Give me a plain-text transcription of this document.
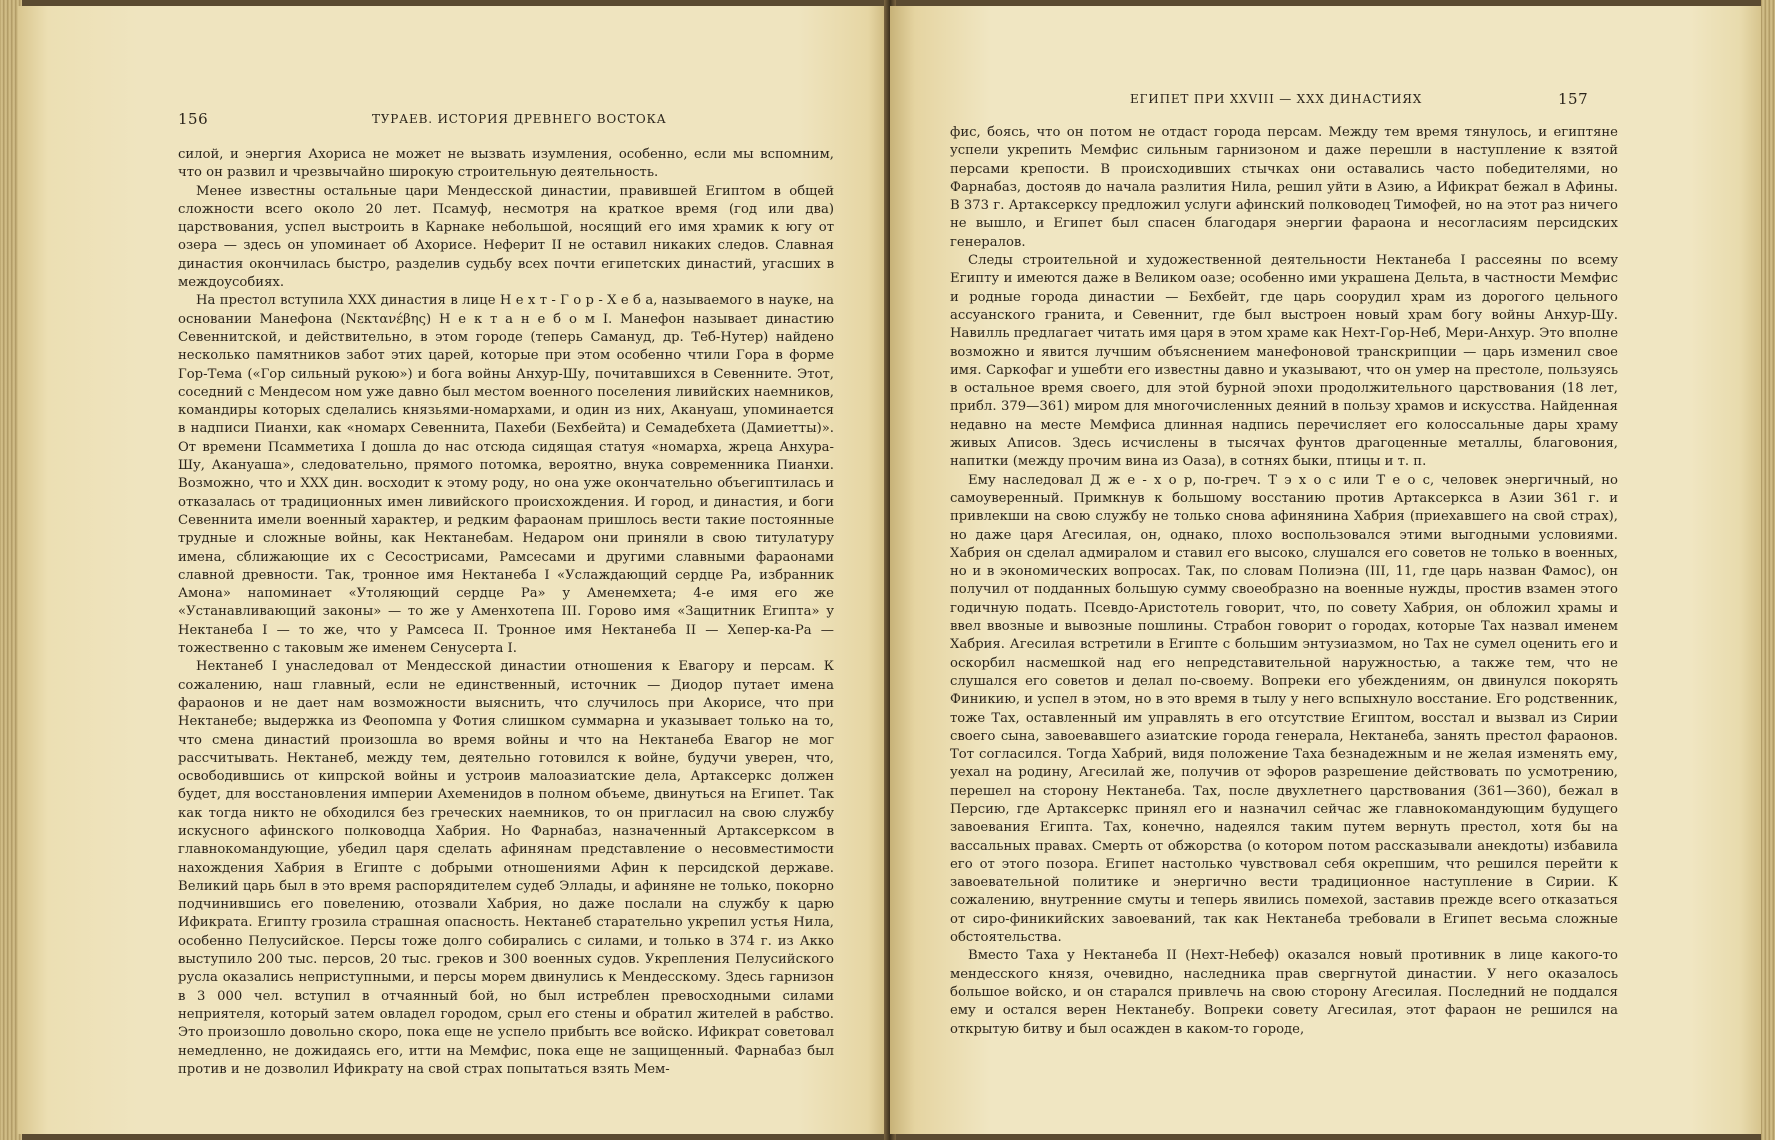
156	ТУРАЕВ. ИСТОРИЯ ДРЕВНЕГО ВОСТОКА

силой, и энергия Ахориса не может не вызвать изумления, особенно, если мы вспомним, что он развил и чрезвычайно широкую строительную деятельность.

Менее известны остальные цари Мендесской династии, правившей Египтом в общей сложности всего около 20 лет. Псамуф, несмотря на краткое время (год или два) царствования, успел выстроить в Карнаке небольшой, носящий его имя храмик к югу от озера — здесь он упоминает об Ахорисе. Неферит II не оставил никаких следов. Славная династия окончилась быстро, разделив судьбу всех почти египетских династий, угасших в междоусобиях.

На престол вступила XXX династия в лице Н е х т - Г о р - Х е б а, называемого в науке, на основании Манефона (Νεκτανέβης) Н е к т а н е б о м I. Манефон называет династию Севеннитской, и действительно, в этом городе (теперь Самануд, др. Теб-Нутер) найдено несколько памятников забот этих царей, которые при этом особенно чтили Гора в форме Гор-Тема («Гор сильный рукою») и бога войны Анхур-Шу, почитавшихся в Севенните. Этот, соседний с Мендесом ном уже давно был местом военного поселения ливийских наемников, командиры которых сделались князьями-номархами, и один из них, Акануаш, упоминается в надписи Пианхи, как «номарх Севеннита, Пахеби (Бехбейта) и Семадебхета (Дамиетты)». От времени Псамметиха I дошла до нас отсюда сидящая статуя «номарха, жреца Анхура-Шу, Акануаша», следовательно, прямого потомка, вероятно, внука современника Пианхи. Возможно, что и XXX дин. восходит к этому роду, но она уже окончательно объегиптилась и отказалась от традиционных имен ливийского происхождения. И город, и династия, и боги Севеннита имели военный характер, и редким фараонам пришлось вести такие постоянные трудные и сложные войны, как Нектанебам. Недаром они приняли в свою титулатуру имена, сближающие их с Сесострисами, Рамсесами и другими славными фараонами славной древности. Так, тронное имя Нектанеба I «Услаждающий сердце Ра, избранник Амона» напоминает «Утоляющий сердце Ра» у Аменемхета; 4-е имя его же «Устанавливающий законы» — то же у Аменхотепа III. Горово имя «Защитник Египта» у Нектанеба I — то же, что у Рамсеса II. Тронное имя Нектанеба II — Хепер-ка-Ра — тожественно с таковым же именем Сенусерта I.

Нектанеб I унаследовал от Мендесской династии отношения к Евагору и персам. К сожалению, наш главный, если не единственный, источник — Диодор путает имена фараонов и не дает нам возможности выяснить, что случилось при Акорисе, что при Нектанебе; выдержка из Феопомпа у Фотия слишком суммарна и указывает только на то, что смена династий произошла во время войны и что на Нектанеба Евагор не мог рассчитывать. Нектанеб, между тем, деятельно готовился к войне, будучи уверен, что, освободившись от кипрской войны и устроив малоазиатские дела, Артаксеркс должен будет, для восстановления империи Ахеменидов в полном объеме, двинуться на Египет. Так как тогда никто не обходился без греческих наемников, то он пригласил на свою службу искусного афинского полководца Хабрия. Но Фарнабаз, назначенный Артаксерксом в главнокомандующие, убедил царя сделать афинянам представление о несовместимости нахождения Хабрия в Египте с добрыми отношениями Афин к персидской державе. Великий царь был в это время распорядителем судеб Эллады, и афиняне не только, покорно подчинившись его повелению, отозвали Хабрия, но даже послали на службу к царю Ификрата. Египту грозила страшная опасность. Нектанеб старательно укрепил устья Нила, особенно Пелусийское. Персы тоже долго собирались с силами, и только в 374 г. из Акко выступило 200 тыс. персов, 20 тыс. греков и 300 военных судов. Укрепления Пелусийского русла оказались неприступными, и персы морем двинулись к Мендесскому. Здесь гарнизон в 3 000 чел. вступил в отчаянный бой, но был истреблен превосходными силами неприятеля, который затем овладел городом, срыл его стены и обратил жителей в рабство. Это произошло довольно скоро, пока еще не успело прибыть все войско. Ификрат советовал немедленно, не дожидаясь его, итти на Мемфис, пока еще не защищенный. Фарнабаз был против и не дозволил Ификрату на свой страх попытаться взять Мем-

ЕГИПЕТ ПРИ XXVIII — XXX ДИНАСТИЯХ	157

фис, боясь, что он потом не отдаст города персам. Между тем время тянулось, и египтяне успели укрепить Мемфис сильным гарнизоном и даже перешли в наступление к взятой персами крепости. В происходивших стычках они оставались часто победителями, но Фарнабаз, достояв до начала разлития Нила, решил уйти в Азию, а Ификрат бежал в Афины. В 373 г. Артаксерксу предложил услуги афинский полководец Тимофей, но на этот раз ничего не вышло, и Египет был спасен благодаря энергии фараона и несогласиям персидских генералов.

Следы строительной и художественной деятельности Нектанеба I рассеяны по всему Египту и имеются даже в Великом оазе; особенно ими украшена Дельта, в частности Мемфис и родные города династии — Бехбейт, где царь соорудил храм из дорогого цельного ассуанского гранита, и Севеннит, где был выстроен новый храм богу войны Анхур-Шу. Навилль предлагает читать имя царя в этом храме как Нехт-Гор-Неб, Мери-Анхур. Это вполне возможно и явится лучшим объяснением манефоновой транскрипции — царь изменил свое имя. Саркофаг и ушебти его известны давно и указывают, что он умер на престоле, пользуясь в остальное время своего, для этой бурной эпохи продолжительного царствования (18 лет, прибл. 379—361) миром для многочисленных деяний в пользу храмов и искусства. Найденная недавно на месте Мемфиса длинная надпись перечисляет его колоссальные дары храму живых Аписов. Здесь исчислены в тысячах фунтов драгоценные металлы, благовония, напитки (между прочим вина из Оаза), в сотнях быки, птицы и т. п.

Ему наследовал Д ж е - х о р, по-греч. Т э х о с или Т е о с, человек энергичный, но самоуверенный. Примкнув к большому восстанию против Артаксеркса в Азии 361 г. и привлекши на свою службу не только снова афинянина Хабрия (приехавшего на свой страх), но даже царя Агесилая, он, однако, плохо воспользовался этими выгодными условиями. Хабрия он сделал адмиралом и ставил его высоко, слушался его советов не только в военных, но и в экономических вопросах. Так, по словам Полиэна (III, 11, где царь назван Фамос), он получил от подданных большую сумму своеобразно на военные нужды, простив взамен этого годичную подать. Псевдо-Аристотель говорит, что, по совету Хабрия, он обложил храмы и ввел ввозные и вывозные пошлины. Страбон говорит о городах, которые Тах назвал именем Хабрия. Агесилая встретили в Египте с большим энтузиазмом, но Тах не сумел оценить его и оскорбил насмешкой над его непредставительной наружностью, а также тем, что не слушался его советов и делал по-своему. Вопреки его убеждениям, он двинулся покорять Финикию, и успел в этом, но в это время в тылу у него вспыхнуло восстание. Его родственник, тоже Тах, оставленный им управлять в его отсутствие Египтом, восстал и вызвал из Сирии своего сына, завоевавшего азиатские города генерала, Нектанеба, занять престол фараонов. Тот согласился. Тогда Хабрий, видя положение Таха безнадежным и не желая изменять ему, уехал на родину, Агесилай же, получив от эфоров разрешение действовать по усмотрению, перешел на сторону Нектанеба. Тах, после двухлетнего царствования (361—360), бежал в Персию, где Артаксеркс принял его и назначил сейчас же главнокомандующим будущего завоевания Египта. Тах, конечно, надеялся таким путем вернуть престол, хотя бы на вассальных правах. Смерть от обжорства (о котором потом рассказывали анекдоты) избавила его от этого позора. Египет настолько чувствовал себя окрепшим, что решился перейти к завоевательной политике и энергично вести традиционное наступление в Сирии. К сожалению, внутренние смуты и теперь явились помехой, заставив прежде всего отказаться от сиро-финикийских завоеваний, так как Нектанеба требовали в Египет весьма сложные обстоятельства.

Вместо Таха у Нектанеба II (Нехт-Небеф) оказался новый противник в лице какого-то мендесского князя, очевидно, наследника прав свергнутой династии. У него оказалось большое войско, и он старался привлечь на свою сторону Агесилая. Последний не поддался ему и остался верен Нектанебу. Вопреки совету Агесилая, этот фараон не решился на открытую битву и был осажден в каком-то городе,
